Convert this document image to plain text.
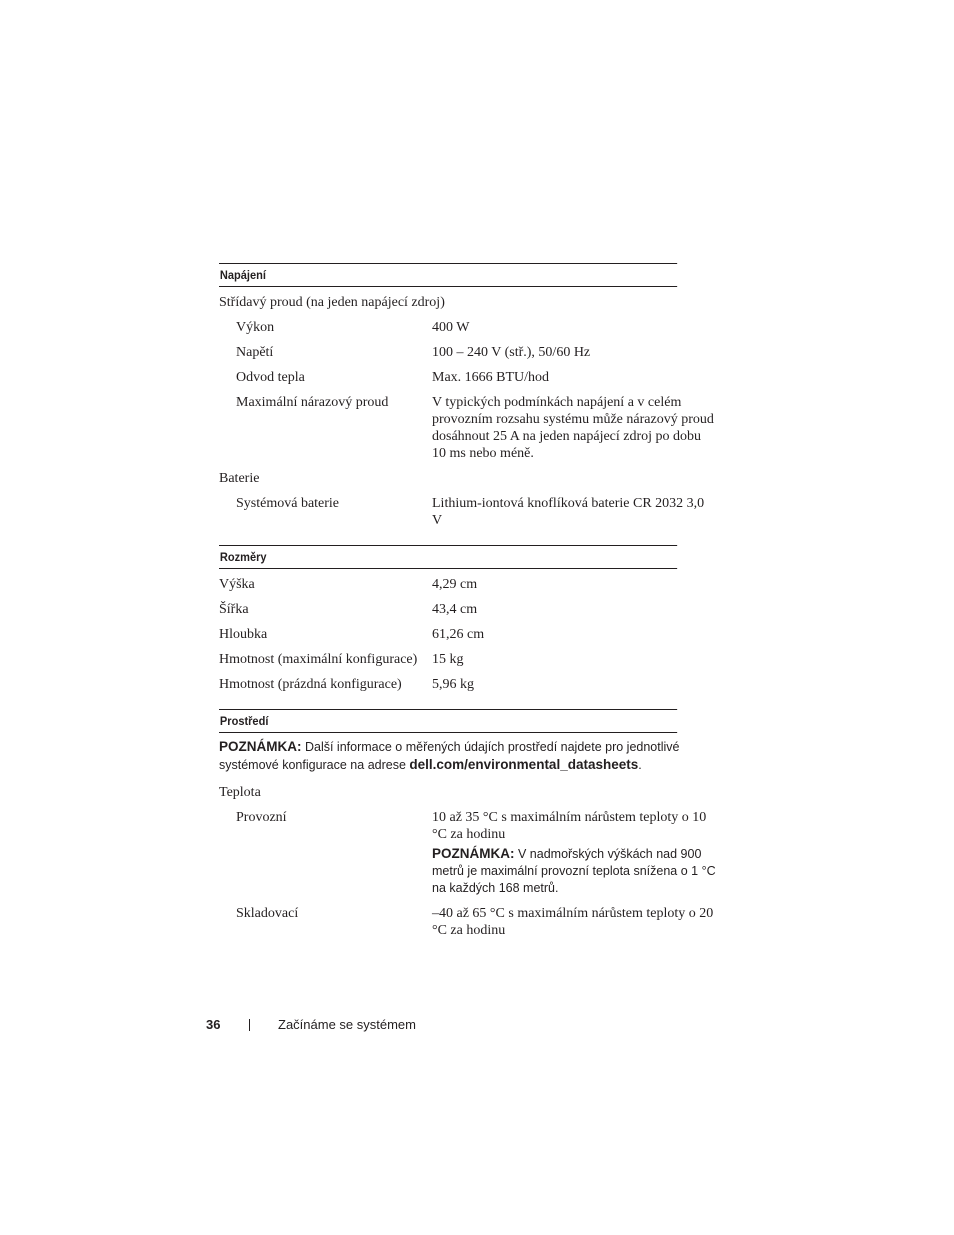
Napájení
Střídavý proud (na jeden napájecí zdroj)
Výkon	400 W
Napětí	100 – 240 V (stř.), 50/60 Hz
Odvod tepla	Max. 1666 BTU/hod
Maximální nárazový proud	V typických podmínkách napájení a v celém provozním rozsahu systému může nárazový proud dosáhnout 25 A na jeden napájecí zdroj po dobu 10 ms nebo méně.
Baterie
Systémová baterie	Lithium-iontová knoflíková baterie CR 2032 3,0 V
Rozměry
Výška	4,29 cm
Šířka	43,4 cm
Hloubka	61,26 cm
Hmotnost (maximální konfigurace)	15 kg
Hmotnost (prázdná konfigurace)	5,96 kg
Prostředí
POZNÁMKA: Další informace o měřených údajích prostředí najdete pro jednotlivé systémové konfigurace na adrese dell.com/environmental_datasheets.
Teplota
Provozní	10 až 35 °C s maximálním nárůstem teploty o 10 °C za hodinu
POZNÁMKA: V nadmořských výškách nad 900 metrů je maximální provozní teplota snížena o 1 °C na každých 168 metrů.
Skladovací	–40 až 65 °C s maximálním nárůstem teploty o 20 °C za hodinu
36	Začínáme se systémem
